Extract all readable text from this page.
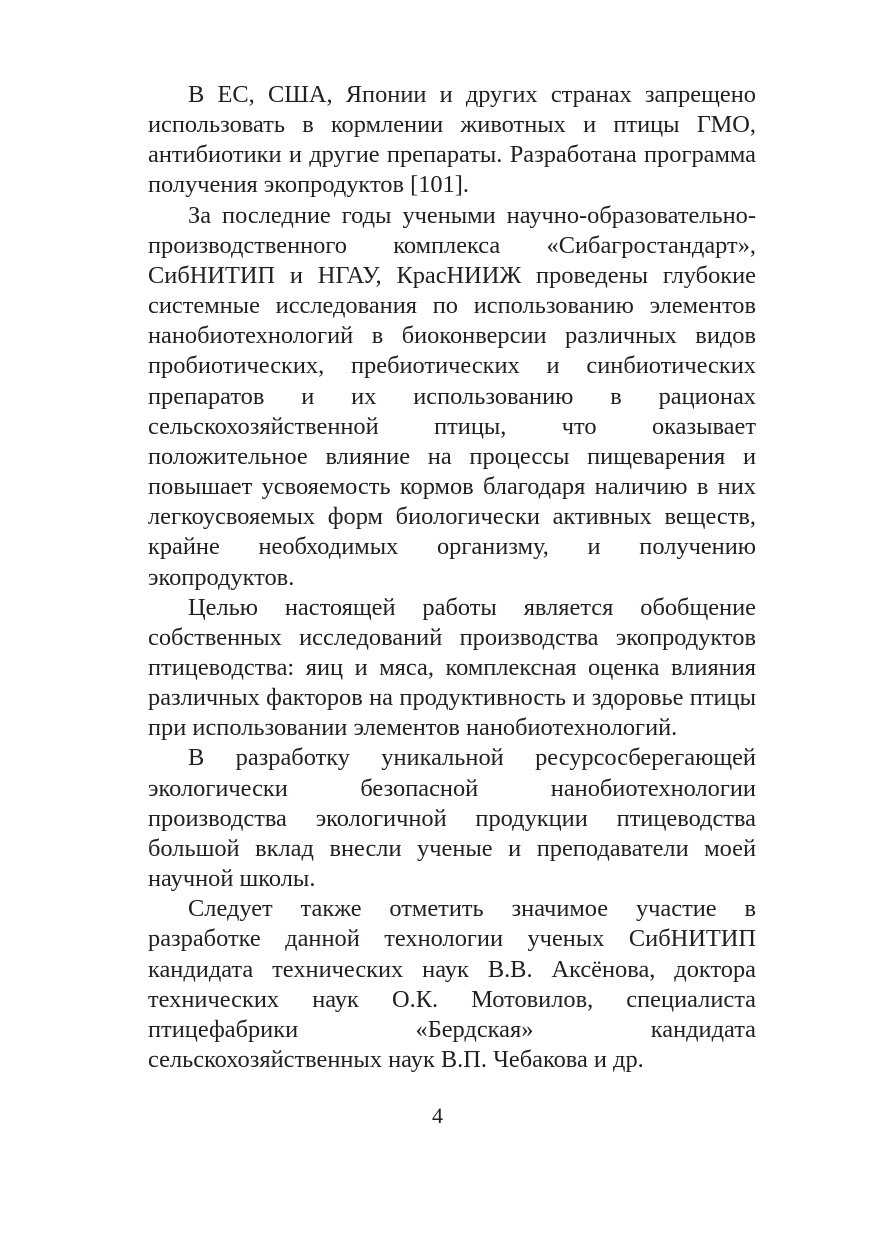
В ЕС, США, Японии и других странах запрещено использовать в кормлении животных и птицы ГМО, антибиотики и другие препараты. Разработана программа получения экопродуктов [101].

За последние годы учеными научно-образовательно-производственного комплекса «Сибагростандарт», СибНИТИП и НГАУ, КрасНИИЖ проведены глубокие системные исследования по использованию элементов нанобиотехнологий в биоконверсии различных видов пробиотических, пребиотических и синбиотических препаратов и их использованию в рационах сельскохозяйственной птицы, что оказывает положительное влияние на процессы пищеварения и повышает усвояемость кормов благодаря наличию в них легкоусвояемых форм биологически активных веществ, крайне необходимых организму, и получению экопродуктов.

Целью настоящей работы является обобщение собственных исследований производства экопродуктов птицеводства: яиц и мяса, комплексная оценка влияния различных факторов на продуктивность и здоровье птицы при использовании элементов нанобиотехнологий.

В разработку уникальной ресурсосберегающей экологически безопасной нанобиотехнологии производства экологичной продукции птицеводства большой вклад внесли ученые и преподаватели моей научной школы.

Следует также отметить значимое участие в разработке данной технологии ученых СибНИТИП кандидата технических наук В.В. Аксёнова, доктора технических наук О.К. Мотовилов, специалиста птицефабрики «Бердская» кандидата сельскохозяйственных наук В.П. Чебакова и др.

4
